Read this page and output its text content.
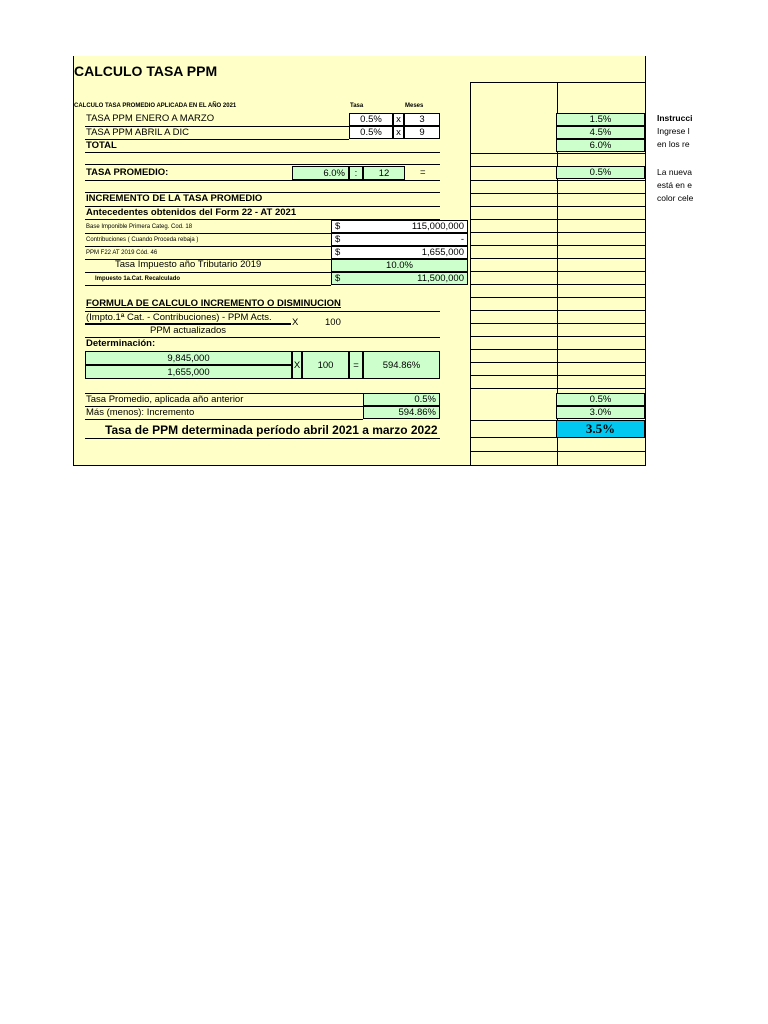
CALCULO TASA PPM
CALCULO TASA PROMEDIO APLICADA EN EL AÑO 2021	Tasa	Meses
TASA PPM ENERO A MARZO	0.5%	x	3	1.5%
TASA PPM ABRIL A DIC	0.5%	x	9	4.5%
TOTAL	6.0%
TASA PROMEDIO:	6.0%	:	12	=	0.5%
INCREMENTO DE LA TASA PROMEDIO
Antecedentes obtenidos del Form 22 - AT 2021
Base Imponible Primera Categ. Cod. 18	$	115,000,000
Contribuciones ( Cuando Proceda rebaja )	$	-
PPM F22 AT 2019 Cód. 46	$	1,655,000
Tasa Impuesto año Tributario 2019	10.0%
Impuesto 1a.Cat. Recalculado	$	11,500,000
FORMULA DE CALCULO INCREMENTO O DISMINUCION
(Impto.1ª Cat. - Contribuciones) - PPM Acts. X	100
PPM actualizados
Determinación:
9,845,000
1,655,000
X	100	=	594.86%
Tasa Promedio, aplicada año anterior	0.5%	0.5%
Más (menos): Incremento	594.86%	3.0%
Tasa de PPM determinada período abril 2021 a marzo 2022	3.5%
Instrucci
Ingrese l
en los re
La nueva
está en e
color cele
